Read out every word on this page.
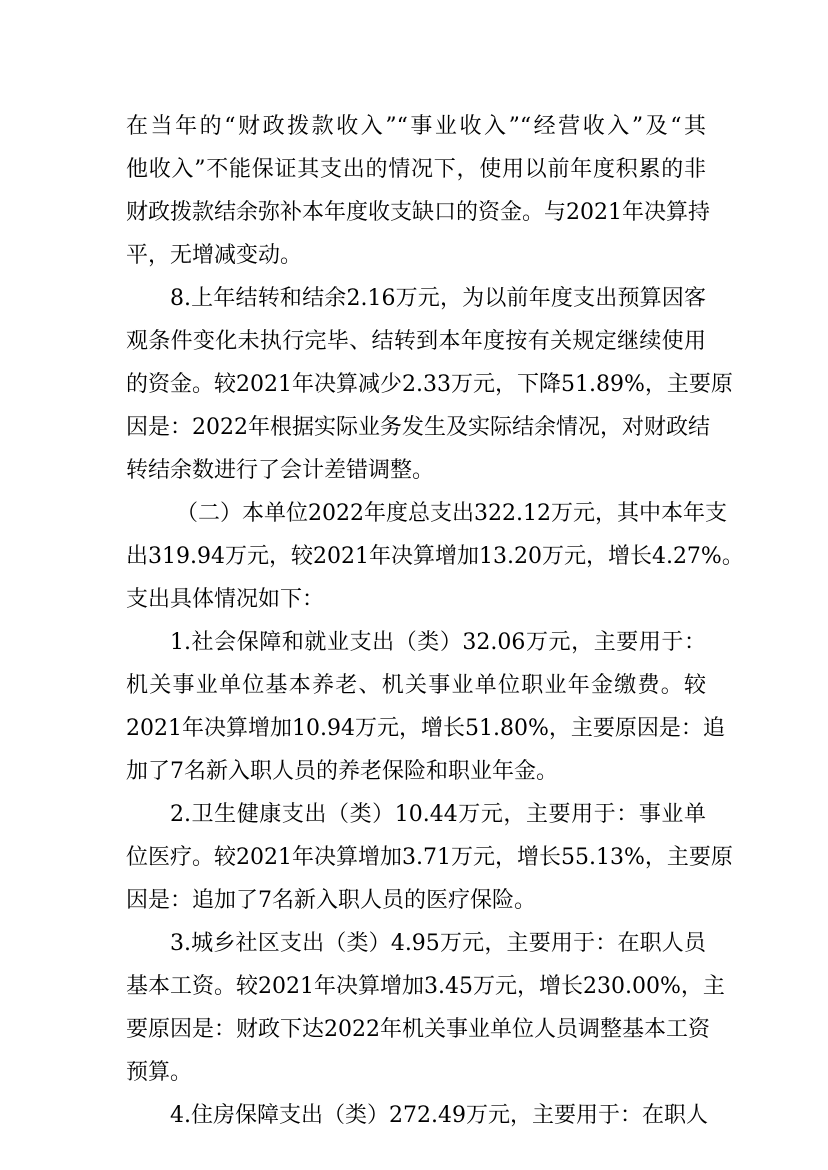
在当年的“财政拨款收入”“事业收入”“经营收入”及“其
他收入”不能保证其支出的情况下，使用以前年度积累的非
财政拨款结余弥补本年度收支缺口的资金。与2021年决算持
平，无增减变动。
8.上年结转和结余2.16万元，为以前年度支出预算因客
观条件变化未执行完毕、结转到本年度按有关规定继续使用
的资金。较2021年决算减少2.33万元，下降51.89%，主要原
因是：2022年根据实际业务发生及实际结余情况，对财政结
转结余数进行了会计差错调整。
（二）本单位2022年度总支出322.12万元，其中本年支
出319.94万元，较2021年决算增加13.20万元，增长4.27%。
支出具体情况如下：
1.社会保障和就业支出（类）32.06万元，主要用于：
机关事业单位基本养老、机关事业单位职业年金缴费。较
2021年决算增加10.94万元，增长51.80%，主要原因是：追
加了7名新入职人员的养老保险和职业年金。
2.卫生健康支出（类）10.44万元，主要用于：事业单
位医疗。较2021年决算增加3.71万元，增长55.13%，主要原
因是：追加了7名新入职人员的医疗保险。
3.城乡社区支出（类）4.95万元，主要用于：在职人员
基本工资。较2021年决算增加3.45万元，增长230.00%，主
要原因是：财政下达2022年机关事业单位人员调整基本工资
预算。
4.住房保障支出（类）272.49万元，主要用于：在职人
